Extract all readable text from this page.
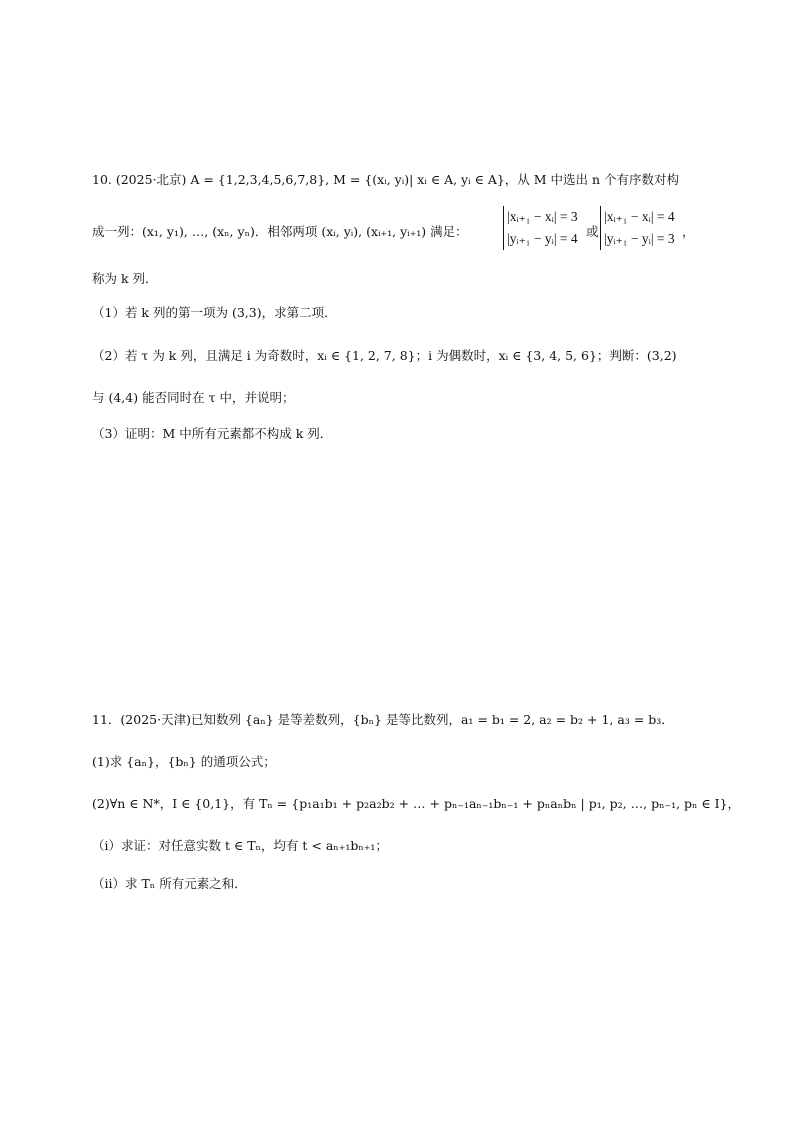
10. (2025·北京) A = {1,2,3,4,5,6,7,8}, M = {(xᵢ, yᵢ)| xᵢ ∈ A, yᵢ ∈ A}，从 M 中选出 n 个有序数对构
成一列：(x₁, y₁), …, (xₙ, yₙ)．相邻两项 (xᵢ, yᵢ), (xᵢ₊₁, yᵢ₊₁) 满足：
|xᵢ₊₁ − xᵢ| = 3
|yᵢ₊₁ − yᵢ| = 4 或
|xᵢ₊₁ − xᵢ| = 4
|yᵢ₊₁ − yᵢ| = 3 ，
称为 k 列．
（1）若 k 列的第一项为 (3,3)，求第二项．
（2）若 τ 为 k 列，且满足 i 为奇数时，xᵢ ∈ {1, 2, 7, 8}；i 为偶数时，xᵢ ∈ {3, 4, 5, 6}；判断：(3,2)
与 (4,4) 能否同时在 τ 中，并说明；
（3）证明：M 中所有元素都不构成 k 列．
11．(2025·天津)已知数列 {aₙ} 是等差数列，{bₙ} 是等比数列，a₁ = b₁ = 2, a₂ = b₂ + 1, a₃ = b₃．
(1)求 {aₙ}，{bₙ} 的通项公式；
(2)∀n ∈ N*，I ∈ {0,1}，有 Tₙ = {p₁a₁b₁ + p₂a₂b₂ + … + pₙ₋₁aₙ₋₁bₙ₋₁ + pₙaₙbₙ | p₁, p₂, …, pₙ₋₁, pₙ ∈ I}，
（i）求证：对任意实数 t ∈ Tₙ，均有 t < aₙ₊₁bₙ₊₁；
（ii）求 Tₙ 所有元素之和．
